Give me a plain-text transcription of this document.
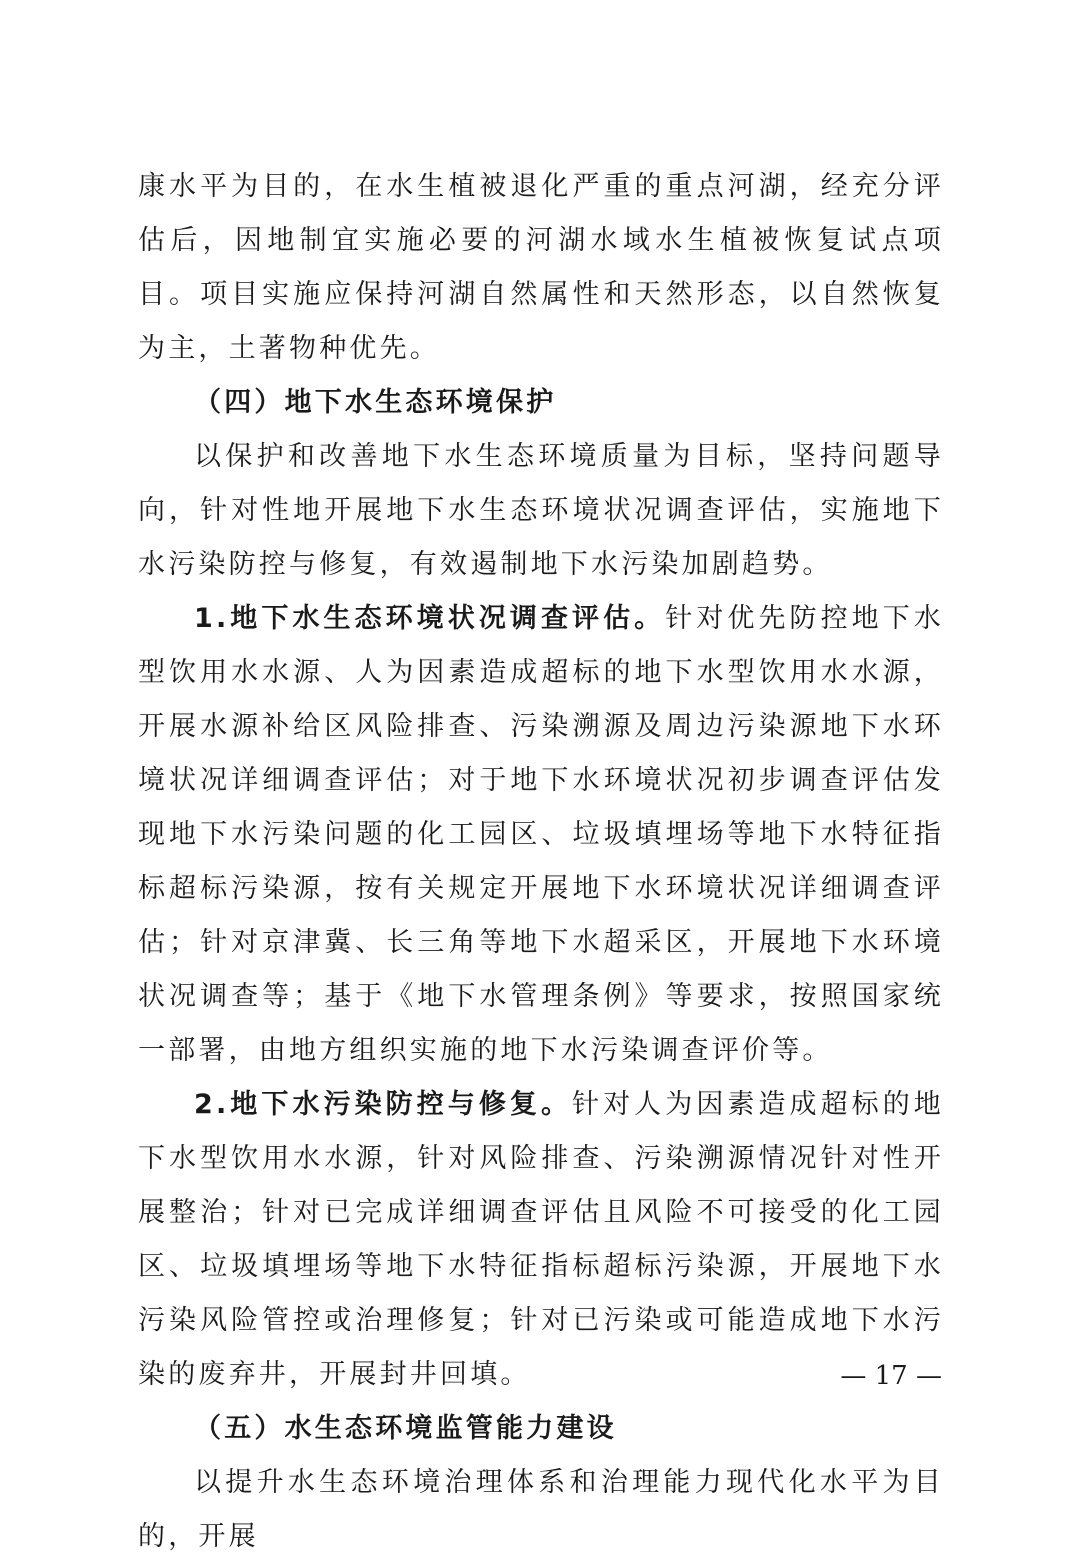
康水平为目的，在水生植被退化严重的重点河湖，经充分评估后，因地制宜实施必要的河湖水域水生植被恢复试点项目。项目实施应保持河湖自然属性和天然形态，以自然恢复为主，土著物种优先。

（四）地下水生态环境保护

以保护和改善地下水生态环境质量为目标，坚持问题导向，针对性地开展地下水生态环境状况调查评估，实施地下水污染防控与修复，有效遏制地下水污染加剧趋势。

1.地下水生态环境状况调查评估。针对优先防控地下水型饮用水水源、人为因素造成超标的地下水型饮用水水源，开展水源补给区风险排查、污染溯源及周边污染源地下水环境状况详细调查评估；对于地下水环境状况初步调查评估发现地下水污染问题的化工园区、垃圾填埋场等地下水特征指标超标污染源，按有关规定开展地下水环境状况详细调查评估；针对京津冀、长三角等地下水超采区，开展地下水环境状况调查等；基于《地下水管理条例》等要求，按照国家统一部署，由地方组织实施的地下水污染调查评价等。

2.地下水污染防控与修复。针对人为因素造成超标的地下水型饮用水水源，针对风险排查、污染溯源情况针对性开展整治；针对已完成详细调查评估且风险不可接受的化工园区、垃圾填埋场等地下水特征指标超标污染源，开展地下水污染风险管控或治理修复；针对已污染或可能造成地下水污染的废弃井，开展封井回填。

（五）水生态环境监管能力建设

以提升水生态环境治理体系和治理能力现代化水平为目的，开展

— 17 —
